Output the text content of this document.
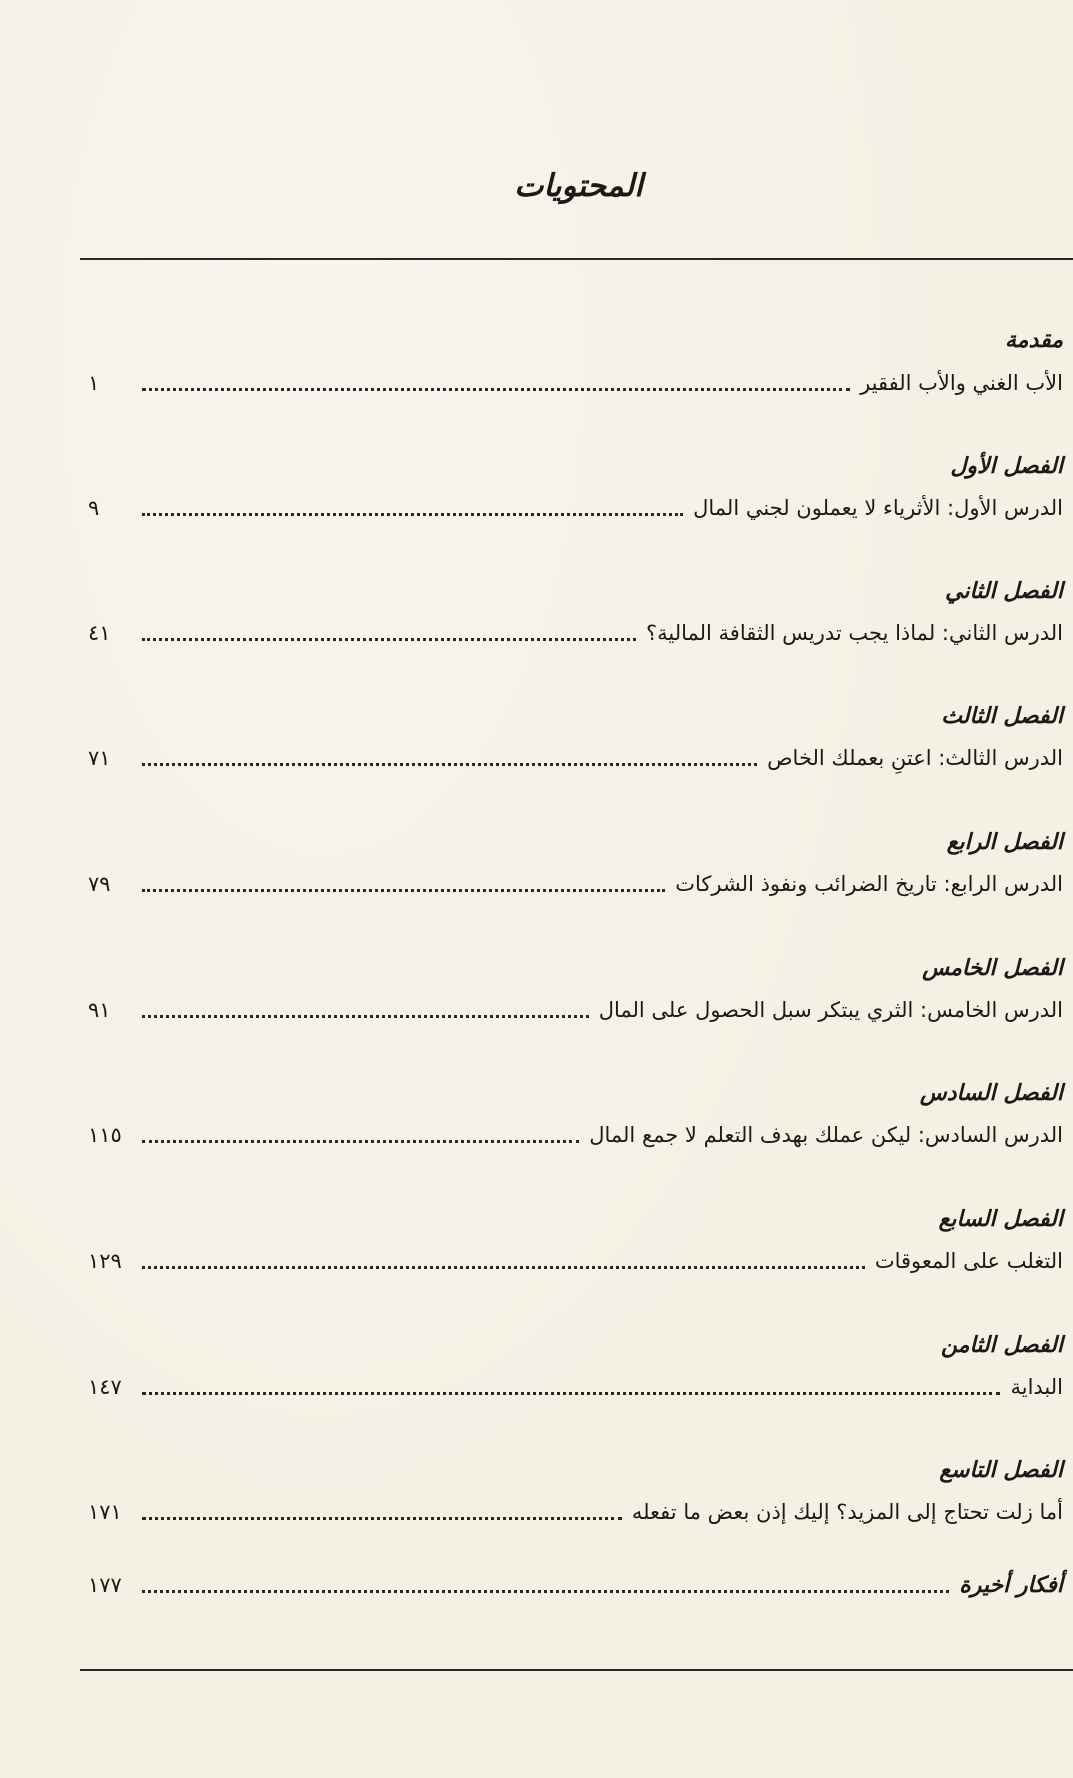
المحتويات
مقدمة
الأب الغني والأب الفقير
١
الفصل الأول
الدرس الأول: الأثرياء لا يعملون لجني المال
٩
الفصل الثاني
الدرس الثاني: لماذا يجب تدريس الثقافة المالية؟
٤١
الفصل الثالث
الدرس الثالث: اعتنِ بعملك الخاص
٧١
الفصل الرابع
الدرس الرابع: تاريخ الضرائب ونفوذ الشركات
٧٩
الفصل الخامس
الدرس الخامس: الثري يبتكر سبل الحصول على المال
٩١
الفصل السادس
الدرس السادس: ليكن عملك بهدف التعلم لا جمع المال
١١٥
الفصل السابع
التغلب على المعوقات
١٢٩
الفصل الثامن
البداية
١٤٧
الفصل التاسع
أما زلت تحتاج إلى المزيد؟ إليك إذن بعض ما تفعله
١٧١
أفكار أخيرة
١٧٧
